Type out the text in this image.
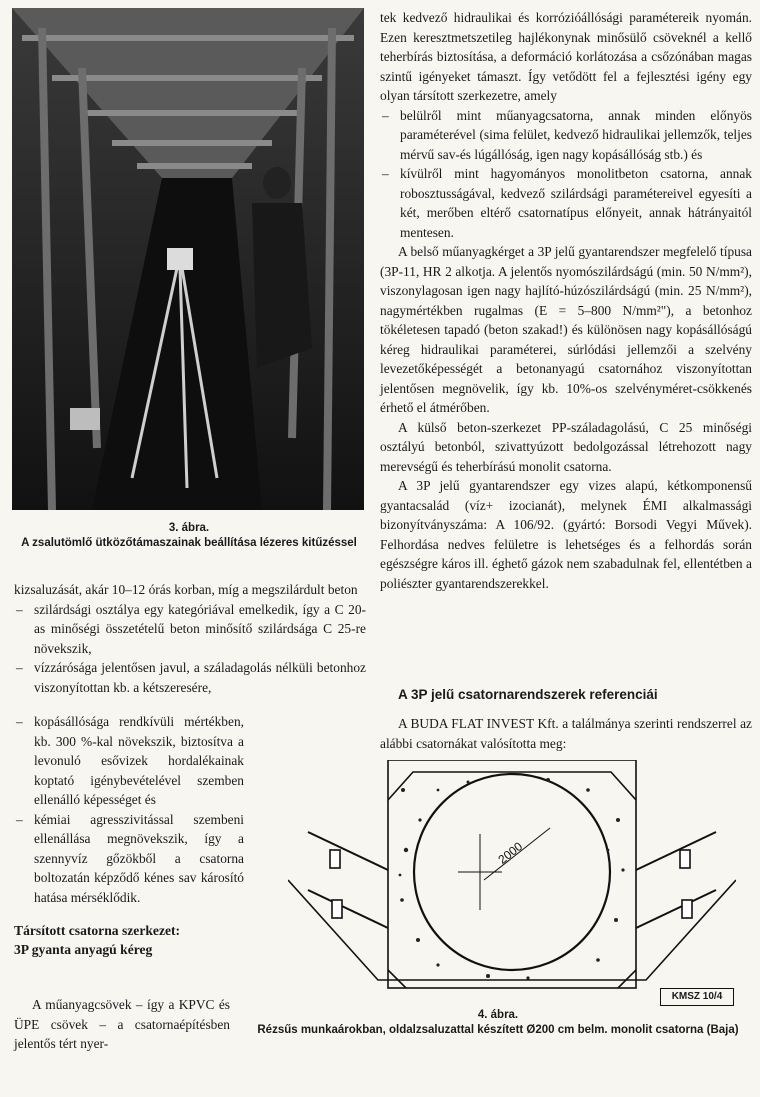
3. ábra.
A zsalutömlő ütközőtámaszainak beállítása lézeres kitűzéssel

kizsaluzását, akár 10–12 órás korban, míg a megszilárdult beton

– szilárdsági osztálya egy kategóriával emelkedik, így a C 20-as minőségi összetételű beton minősítő szilárdsága C 25-re növekszik,
– vízzárósága jelentősen javul, a száladagolás nélküli betonhoz viszonyítottan kb. a kétszeresére,
– kopásállósága rendkívüli mértékben, kb. 300 %-kal növekszik, biztosítva a levonuló esővizek hordalékainak koptató igénybevételével szemben ellenálló képességet és
– kémiai agresszivitással szembeni ellenállása megnövekszik, így a szennyvíz gőzökből a csatorna boltozatán képződő kénes sav károsító hatása mérséklődik.

Társított csatorna szerkezet:

3P gyanta anyagú kéreg

A műanyagcsövek – így a KPVC és ÜPE csövek – a csatornaépítésben jelentős tért nyer-

tek kedvező hidraulikai és korrózióállósági paramétereik nyomán. Ezen keresztmetszetileg hajlékonynak minősülő csöveknél a kellő teherbírás biztosítása, a deformáció korlátozása a csőzónában magas szintű igényeket támaszt. Így vetődött fel a fejlesztési igény egy olyan társított szerkezetre, amely

– belülről mint műanyagcsatorna, annak minden előnyös paraméterével (sima felület, kedvező hidraulikai jellemzők, teljes mérvű sav-és lúgállóság, igen nagy kopásállóság stb.) és
– kívülről mint hagyományos monolitbeton csatorna, annak robosztusságával, kedvező szilárdsági paramétereivel egyesíti a két, merőben eltérő csatornatípus előnyeit, annak hátrányaitól mentesen.

A belső műanyagkérget a 3P jelű gyantarendszer megfelelő típusa (3P-11, HR 2 alkotja. A jelentős nyomószilárdságú (min. 50 N/mm²), viszonylagosan igen nagy hajlító-húzószilárdságú (min. 25 N/mm²), nagymértékben rugalmas (E = 5–800 N/mm²"), a betonhoz tökéletesen tapadó (beton szakad!) és különösen nagy kopásállóságú kéreg hidraulikai paraméterei, súrlódási jellemzői a szelvény levezetőképességét a betonanyagú csatornához viszonyítottan jelentősen megnövelik, így kb. 10%-os szelvényméret-csökkenés érhető el átmérőben.

A külső beton-szerkezet PP-száladagolású, C 25 minőségi osztályú betonból, szivattyúzott bedolgozással létrehozott nagy merevségű és teherbírású monolit csatorna.

A 3P jelű gyantarendszer egy vizes alapú, kétkomponensű gyantacsalád (víz+ izocianát), melynek ÉMI alkalmassági bizonyítványszáma: A 106/92. (gyártó: Borsodi Vegyi Művek). Felhordása nedves felületre is lehetséges és a felhordás során egészségre káros ill. éghető gázok nem szabadulnak fel, ellentétben a poliészter gyantarendszerekkel.

A 3P jelű csatornarendszerek referenciái

A BUDA FLAT INVEST Kft. a találmánya szerinti rendszerrel az alábbi csatornákat valósította meg:

2000
KMSZ 10/4
4. ábra.
Rézsűs munkaárokban, oldalzsaluzattal készített Ø200 cm belm. monolit csatorna (Baja)
